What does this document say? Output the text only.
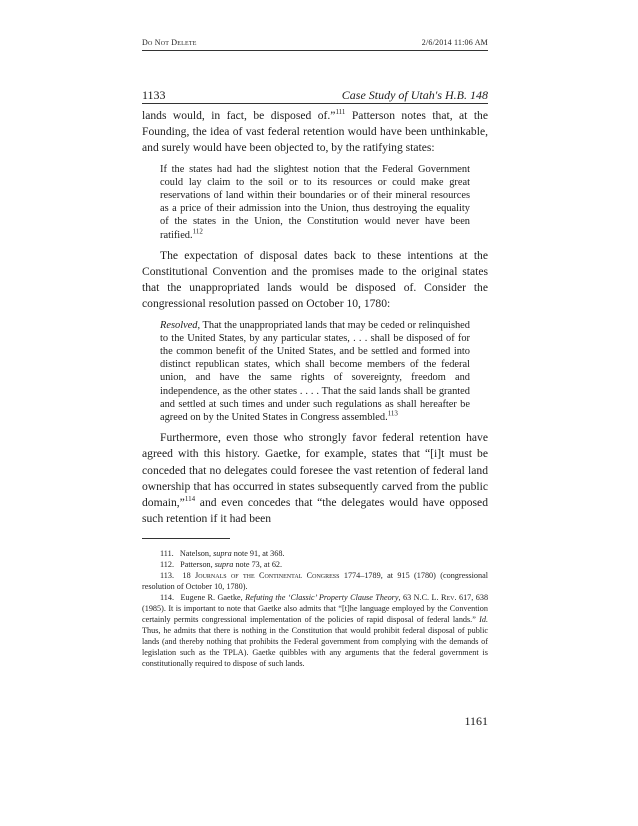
Do Not Delete	2/6/2014 11:06 AM
1133	Case Study of Utah's H.B. 148

lands would, in fact, be disposed of.”$^{111}$ Patterson notes that, at the Founding, the idea of vast federal retention would have been unthinkable, and surely would have been objected to, by the ratifying states:

If the states had had the slightest notion that the Federal Government could lay claim to the soil or to its resources or could make great reservations of land within their boundaries or of their mineral resources as a price of their admission into the Union, thus destroying the equality of the states in the Union, the Constitution would never have been ratified.$^{112}$

The expectation of disposal dates back to these intentions at the Constitutional Convention and the promises made to the original states that the unappropriated lands would be disposed of. Consider the congressional resolution passed on October 10, 1780:

Resolved, That the unappropriated lands that may be ceded or relinquished to the United States, by any particular states, . . . shall be disposed of for the common benefit of the United States, and be settled and formed into distinct republican states, which shall become members of the federal union, and have the same rights of sovereignty, freedom and independence, as the other states . . . . That the said lands shall be granted and settled at such times and under such regulations as shall hereafter be agreed on by the United States in Congress assembled.$^{113}$

Furthermore, even those who strongly favor federal retention have agreed with this history. Gaetke, for example, states that “[i]t must be conceded that no delegates could foresee the vast retention of federal land ownership that has occurred in states subsequently carved from the public domain,”$^{114}$ and even concedes that “the delegates would have opposed such retention if it had been

111.  Natelson, supra note 91, at 368.

112.  Patterson, supra note 73, at 62.

113.  18 Journals of the Continental Congress 1774–1789, at 915 (1780) (congressional resolution of October 10, 1780).

114.  Eugene R. Gaetke, Refuting the ‘Classic’ Property Clause Theory, 63 N.C. L. Rev. 617, 638 (1985). It is important to note that Gaetke also admits that “[t]he language employed by the Convention certainly permits congressional implementation of the policies of rapid disposal of federal lands.” Id. Thus, he admits that there is nothing in the Constitution that would prohibit federal disposal of public lands (and thereby nothing that prohibits the Federal government from complying with the demands of legislation such as the TPLA). Gaetke quibbles with any arguments that the federal government is constitutionally required to dispose of such lands.

1161
